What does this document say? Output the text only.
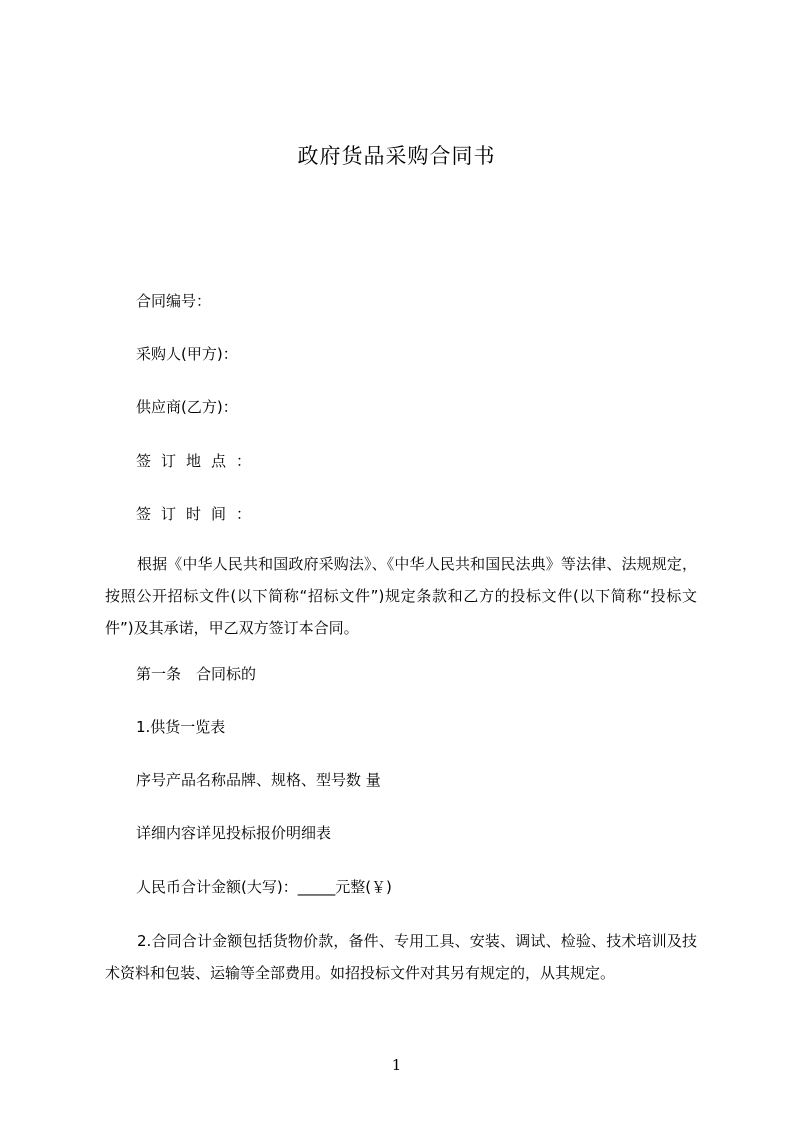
政府货品采购合同书
合同编号：
采购人(甲方)：
供应商(乙方)：
签订地点：
签订时间：
根据《中华人民共和国政府采购法》、《中华人民共和国民法典》等法律、法规规定，按照公开招标文件(以下简称“招标文件”)规定条款和乙方的投标文件(以下简称“投标文件”)及其承诺，甲乙双方签订本合同。
第一条　合同标的
1.供货一览表
序号产品名称品牌、规格、型号数 量
详细内容详见投标报价明细表
人民币合计金额(大写)：_____元整(￥)
2.合同合计金额包括货物价款，备件、专用工具、安装、调试、检验、技术培训及技术资料和包装、运输等全部费用。如招投标文件对其另有规定的，从其规定。
1
